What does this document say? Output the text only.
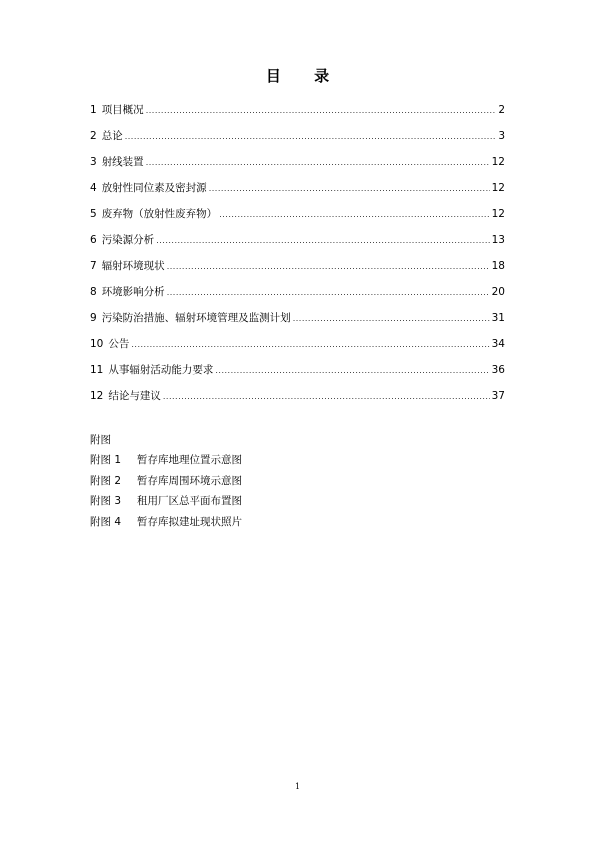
目 录
1 项目概况 .....	2
2 总论 .....	3
3 射线装置 .....	12
4 放射性同位素及密封源 .....	12
5 废弃物（放射性废弃物） .....	12
6 污染源分析 .....	13
7 辐射环境现状 .....	18
8 环境影响分析 .....	20
9 污染防治措施、辐射环境管理及监测计划 .....	31
10 公告 .....	34
11 从事辐射活动能力要求 .....	36
12 结论与建议 .....	37
附图
附图 1 暂存库地理位置示意图
附图 2 暂存库周围环境示意图
附图 3 租用厂区总平面布置图
附图 4 暂存库拟建址现状照片
1
